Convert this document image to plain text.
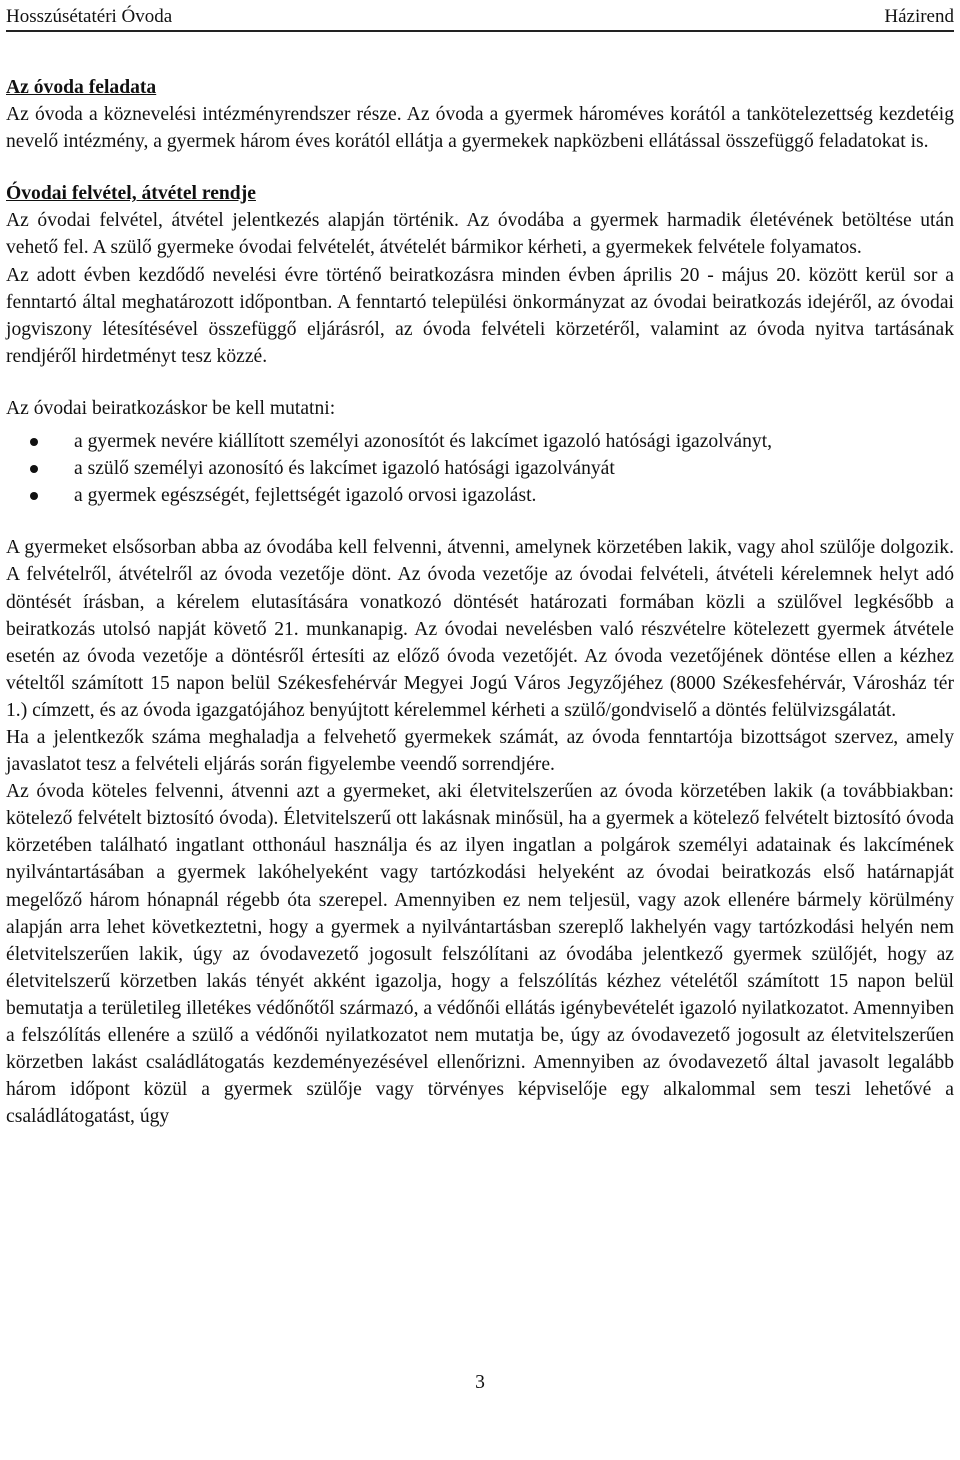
Hosszúsétatéri Óvoda	Házirend
Az óvoda feladata

Az óvoda a köznevelési intézményrendszer része. Az óvoda a gyermek hároméves korától a tankötelezettség kezdetéig nevelő intézmény, a gyermek három éves korától ellátja a gyermekek napközbeni ellátással összefüggő feladatokat is.

Óvodai felvétel, átvétel rendje

Az óvodai felvétel, átvétel jelentkezés alapján történik. Az óvodába a gyermek harmadik életévének betöltése után vehető fel. A szülő gyermeke óvodai felvételét, átvételét bármikor kérheti, a gyermekek felvétele folyamatos.

Az adott évben kezdődő nevelési évre történő beiratkozásra minden évben április 20 - május 20. között kerül sor a fenntartó által meghatározott időpontban. A fenntartó települési önkormányzat az óvodai beiratkozás idejéről, az óvodai jogviszony létesítésével összefüggő eljárásról, az óvoda felvételi körzetéről, valamint az óvoda nyitva tartásának rendjéről hirdetményt tesz közzé.

Az óvodai beiratkozáskor be kell mutatni:

a gyermek nevére kiállított személyi azonosítót és lakcímet igazoló hatósági igazolványt,
a szülő személyi azonosító és lakcímet igazoló hatósági igazolványát
a gyermek egészségét, fejlettségét igazoló orvosi igazolást.

A gyermeket elsősorban abba az óvodába kell felvenni, átvenni, amelynek körzetében lakik, vagy ahol szülője dolgozik. A felvételről, átvételről az óvoda vezetője dönt. Az óvoda vezetője az óvodai felvételi, átvételi kérelemnek helyt adó döntését írásban, a kérelem elutasítására vonatkozó döntését határozati formában közli a szülővel legkésőbb a beiratkozás utolsó napját követő 21. munkanapig. Az óvodai nevelésben való részvételre kötelezett gyermek átvétele esetén az óvoda vezetője a döntésről értesíti az előző óvoda vezetőjét. Az óvoda vezetőjének döntése ellen a kézhez vételtől számított 15 napon belül Székesfehérvár Megyei Jogú Város Jegyzőjéhez (8000 Székesfehérvár, Városház tér 1.) címzett, és az óvoda igazgatójához benyújtott kérelemmel kérheti a szülő/gondviselő a döntés felülvizsgálatát.

Ha a jelentkezők száma meghaladja a felvehető gyermekek számát, az óvoda fenntartója bizottságot szervez, amely javaslatot tesz a felvételi eljárás során figyelembe veendő sorrendjére.

Az óvoda köteles felvenni, átvenni azt a gyermeket, aki életvitelszerűen az óvoda körzetében lakik (a továbbiakban: kötelező felvételt biztosító óvoda). Életvitelszerű ott lakásnak minősül, ha a gyermek a kötelező felvételt biztosító óvoda körzetében található ingatlant otthonául használja és az ilyen ingatlan a polgárok személyi adatainak és lakcímének nyilvántartásában a gyermek lakóhelyeként vagy tartózkodási helyeként az óvodai beiratkozás első határnapját megelőző három hónapnál régebb óta szerepel. Amennyiben ez nem teljesül, vagy azok ellenére bármely körülmény alapján arra lehet következtetni, hogy a gyermek a nyilvántartásban szereplő lakhelyén vagy tartózkodási helyén nem életvitelszerűen lakik, úgy az óvodavezető jogosult felszólítani az óvodába jelentkező gyermek szülőjét, hogy az életvitelszerű körzetben lakás tényét akként igazolja, hogy a felszólítás kézhez vételétől számított 15 napon belül bemutatja a területileg illetékes védőnőtől származó, a védőnői ellátás igénybevételét igazoló nyilatkozatot. Amennyiben a felszólítás ellenére a szülő a védőnői nyilatkozatot nem mutatja be, úgy az óvodavezető jogosult az életvitelszerűen körzetben lakást családlátogatás kezdeményezésével ellenőrizni. Amennyiben az óvodavezető által javasolt legalább három időpont közül a gyermek szülője vagy törvényes képviselője egy alkalommal sem teszi lehetővé a családlátogatást, úgy

3
